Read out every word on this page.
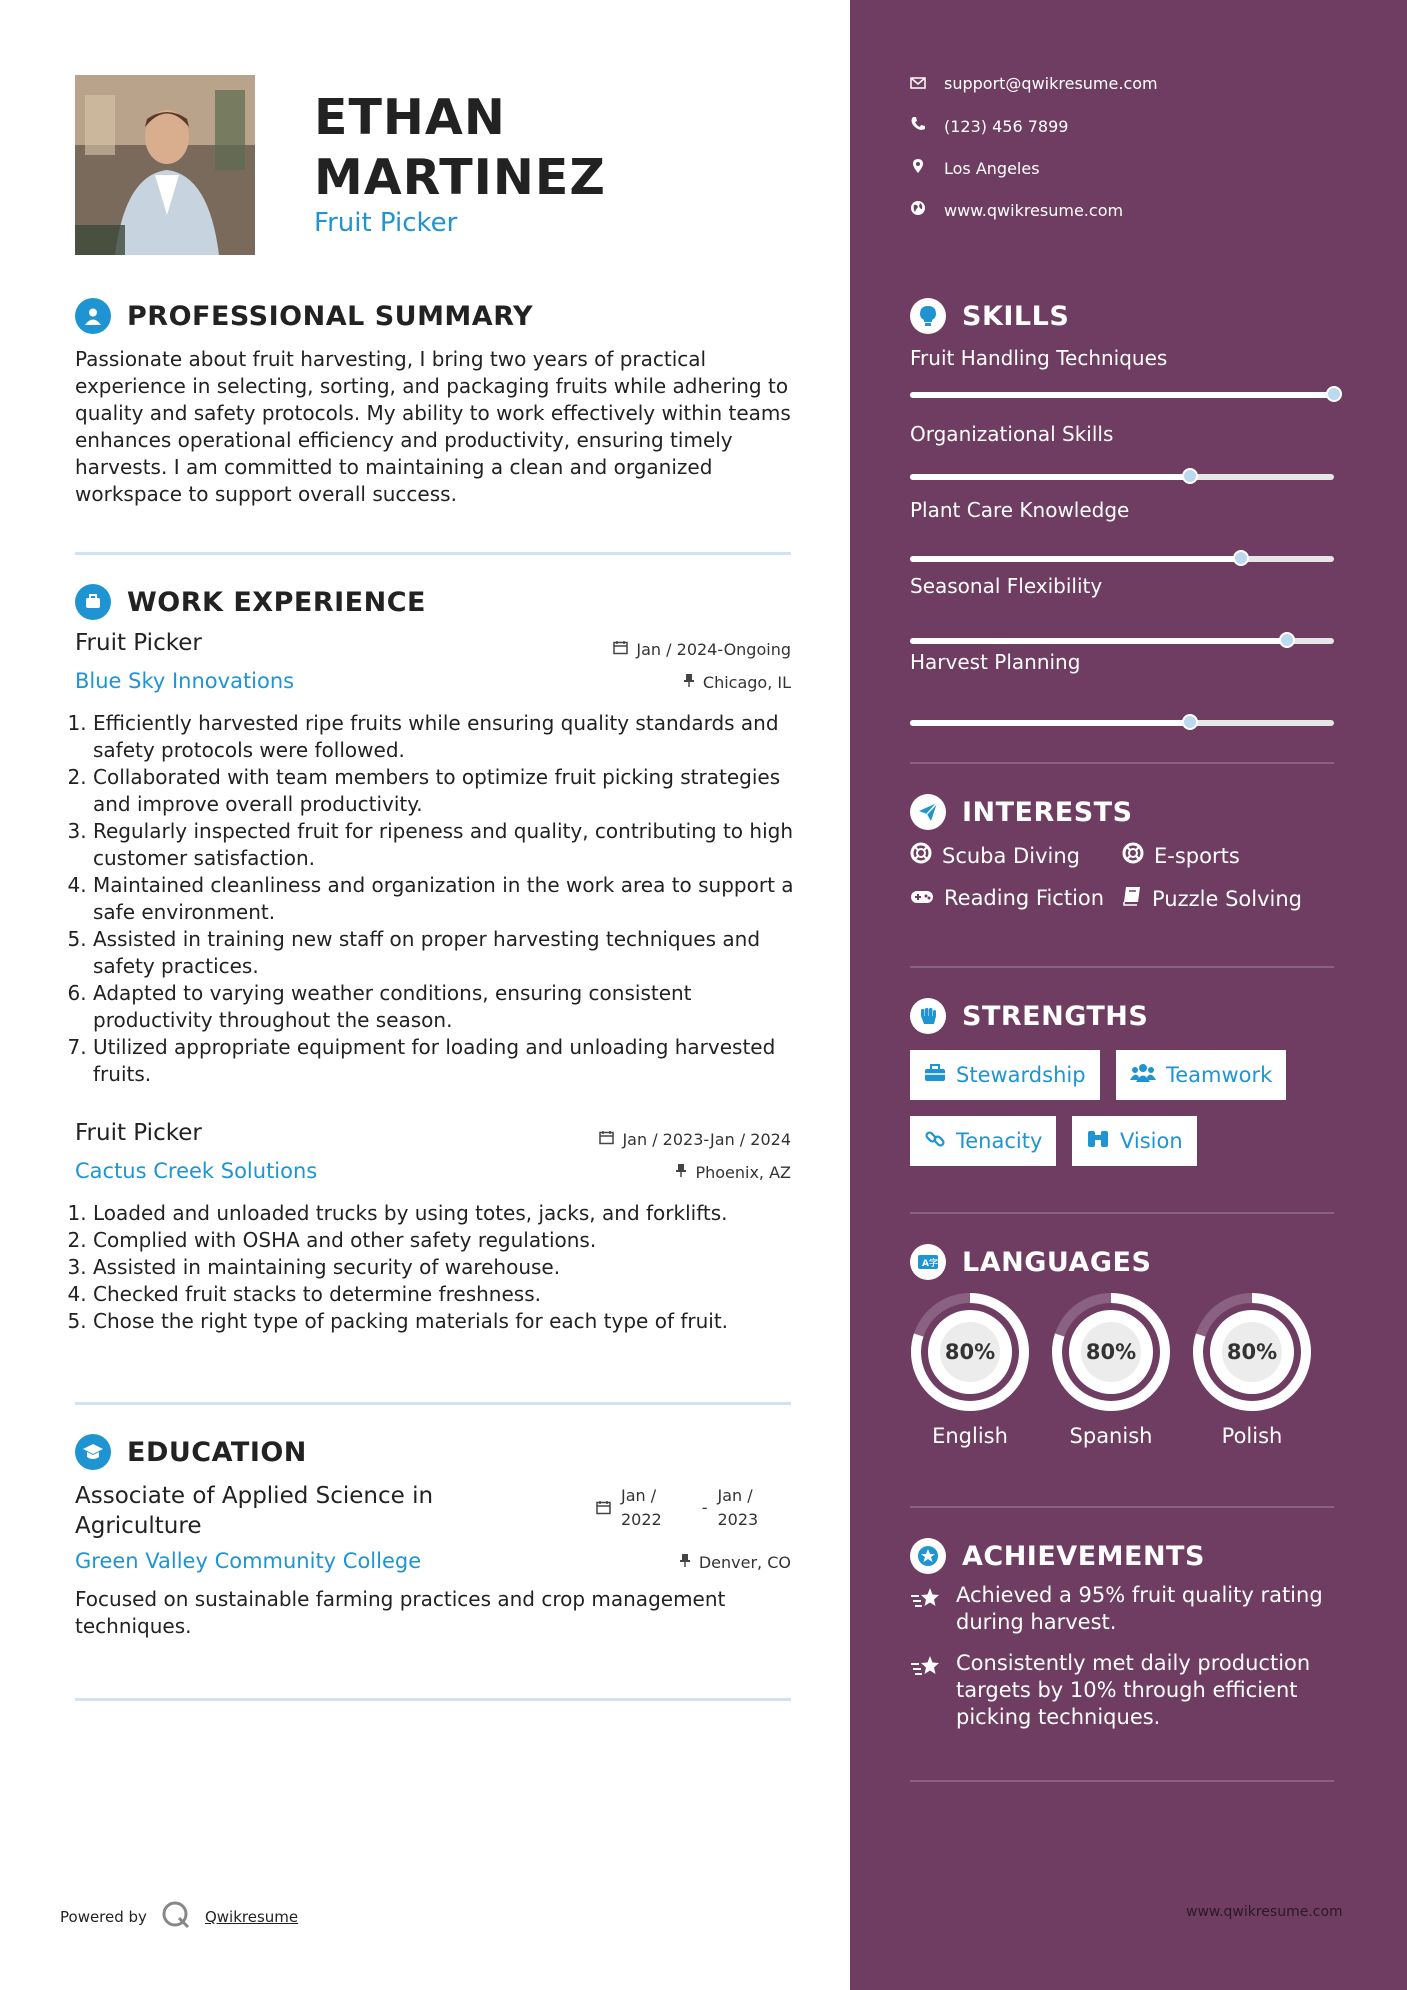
ETHAN
MARTINEZ
Fruit Picker
PROFESSIONAL SUMMARY
Passionate about fruit harvesting, I bring two years of practical experience in selecting, sorting, and packaging fruits while adhering to quality and safety protocols. My ability to work effectively within teams enhances operational efficiency and productivity, ensuring timely harvests. I am committed to maintaining a clean and organized workspace to support overall success.
WORK EXPERIENCE
Fruit Picker	Jan / 2024-Ongoing
Blue Sky Innovations	Chicago, IL
1. Efficiently harvested ripe fruits while ensuring quality standards and safety protocols were followed.
2. Collaborated with team members to optimize fruit picking strategies and improve overall productivity.
3. Regularly inspected fruit for ripeness and quality, contributing to high customer satisfaction.
4. Maintained cleanliness and organization in the work area to support a safe environment.
5. Assisted in training new staff on proper harvesting techniques and safety practices.
6. Adapted to varying weather conditions, ensuring consistent productivity throughout the season.
7. Utilized appropriate equipment for loading and unloading harvested fruits.
Fruit Picker	Jan / 2023-Jan / 2024
Cactus Creek Solutions	Phoenix, AZ
1. Loaded and unloaded trucks by using totes, jacks, and forklifts.
2. Complied with OSHA and other safety regulations.
3. Assisted in maintaining security of warehouse.
4. Checked fruit stacks to determine freshness.
5. Chose the right type of packing materials for each type of fruit.
EDUCATION
Associate of Applied Science in
Agriculture
Jan /
2022
-
Jan /
2023
Green Valley Community College	Denver, CO
Focused on sustainable farming practices and crop management techniques.
Powered by	Qwikresume
support@qwikresume.com
(123) 456 7899
Los Angeles
www.qwikresume.com
SKILLS
Fruit Handling Techniques
Organizational Skills
Plant Care Knowledge
Seasonal Flexibility
Harvest Planning
INTERESTS
Scuba Diving	E-sports
Reading Fiction Puzzle Solving
STRENGTHS
Stewardship	Teamwork
Tenacity	Vision
A 字 LANGUAGES
80%
English
80%
Spanish
80%
Polish
ACHIEVEMENTS
Achieved a 95% fruit quality rating during harvest.
Consistently met daily production targets by 10% through efficient picking techniques.
www.qwikresume.com
